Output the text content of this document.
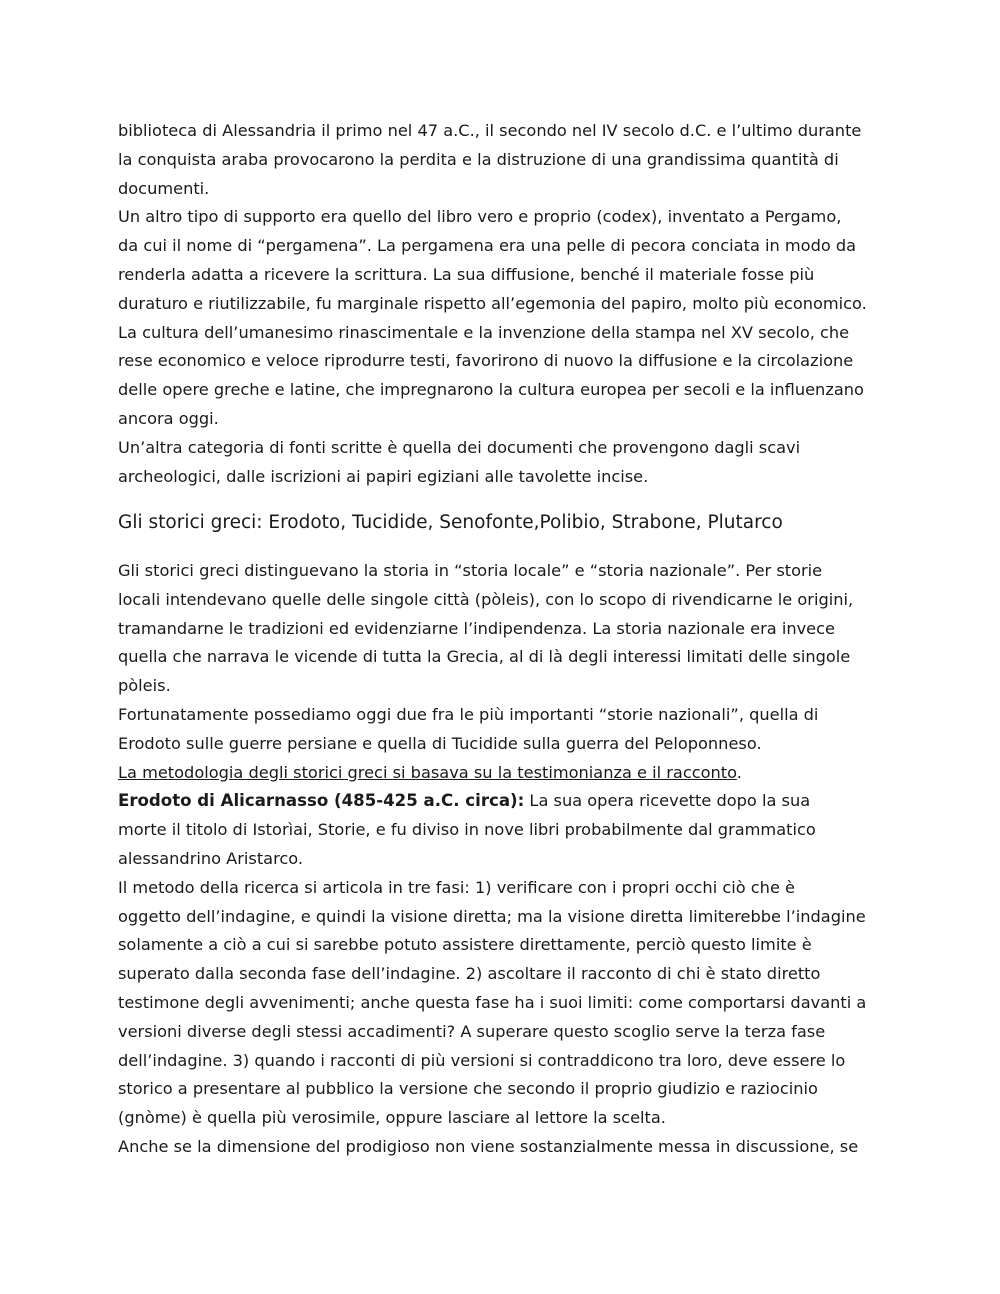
biblioteca di Alessandria il primo nel 47 a.C., il secondo nel IV secolo d.C. e l’ultimo durante
la conquista araba provocarono la perdita e la distruzione di una grandissima quantità di
documenti.
Un altro tipo di supporto era quello del libro vero e proprio (codex), inventato a Pergamo,
da cui il nome di “pergamena”. La pergamena era una pelle di pecora conciata in modo da
renderla adatta a ricevere la scrittura. La sua diffusione, benché il materiale fosse più
duraturo e riutilizzabile, fu marginale rispetto all’egemonia del papiro, molto più economico.
La cultura dell’umanesimo rinascimentale e la invenzione della stampa nel XV secolo, che
rese economico e veloce riprodurre testi, favorirono di nuovo la diffusione e la circolazione
delle opere greche e latine, che impregnarono la cultura europea per secoli e la influenzano
ancora oggi.
Un’altra categoria di fonti scritte è quella dei documenti che provengono dagli scavi
archeologici, dalle iscrizioni ai papiri egiziani alle tavolette incise.
Gli storici greci: Erodoto, Tucidide, Senofonte,Polibio, Strabone, Plutarco
Gli storici greci distinguevano la storia in “storia locale” e “storia nazionale”. Per storie
locali intendevano quelle delle singole città (pòleis), con lo scopo di rivendicarne le origini,
tramandarne le tradizioni ed evidenziarne l’indipendenza. La storia nazionale era invece
quella che narrava le vicende di tutta la Grecia, al di là degli interessi limitati delle singole
pòleis.
Fortunatamente possediamo oggi due fra le più importanti “storie nazionali”, quella di
Erodoto sulle guerre persiane e quella di Tucidide sulla guerra del Peloponneso.
La metodologia degli storici greci si basava su la testimonianza e il racconto.
Erodoto di Alicarnasso (485-425 a.C. circa): La sua opera ricevette dopo la sua
morte il titolo di Istorìai, Storie, e fu diviso in nove libri probabilmente dal grammatico
alessandrino Aristarco.
Il metodo della ricerca si articola in tre fasi: 1) verificare con i propri occhi ciò che è
oggetto dell’indagine, e quindi la visione diretta; ma la visione diretta limiterebbe l’indagine
solamente a ciò a cui si sarebbe potuto assistere direttamente, perciò questo limite è
superato dalla seconda fase dell’indagine. 2) ascoltare il racconto di chi è stato diretto
testimone degli avvenimenti; anche questa fase ha i suoi limiti: come comportarsi davanti a
versioni diverse degli stessi accadimenti? A superare questo scoglio serve la terza fase
dell’indagine. 3) quando i racconti di più versioni si contraddicono tra loro, deve essere lo
storico a presentare al pubblico la versione che secondo il proprio giudizio e raziocinio
(gnòme) è quella più verosimile, oppure lasciare al lettore la scelta.
Anche se la dimensione del prodigioso non viene sostanzialmente messa in discussione, se
